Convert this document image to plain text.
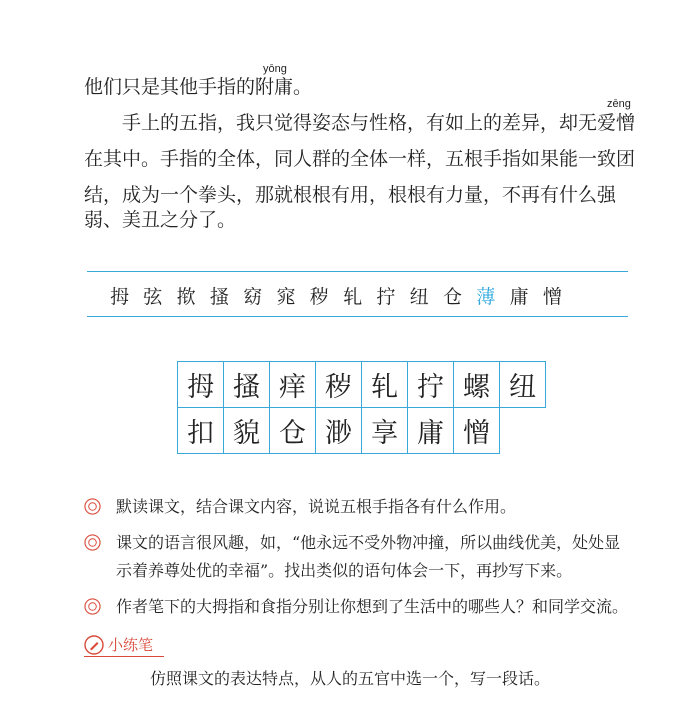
yōng
他们只是其他手指的附庸。
zēng
手上的五指，我只觉得姿态与性格，有如上的差异，却无爱憎
在其中。手指的全体，同人群的全体一样，五根手指如果能一致团
结，成为一个拳头，那就根根有用，根根有力量，不再有什么强
弱、美丑之分了。
拇 弦 揿 搔 窈 窕 秽 轧 拧 纽 仓 薄 庸 憎
拇	搔	痒	秽	轧	拧	螺	纽
扣	貌	仓	渺	享	庸	憎	
默读课文，结合课文内容，说说五根手指各有什么作用。
课文的语言很风趣，如，“他永远不受外物冲撞，所以曲线优美，处处显
示着养尊处优的幸福”。找出类似的语句体会一下，再抄写下来。
作者笔下的大拇指和食指分别让你想到了生活中的哪些人？和同学交流。
小练笔
仿照课文的表达特点，从人的五官中选一个，写一段话。
